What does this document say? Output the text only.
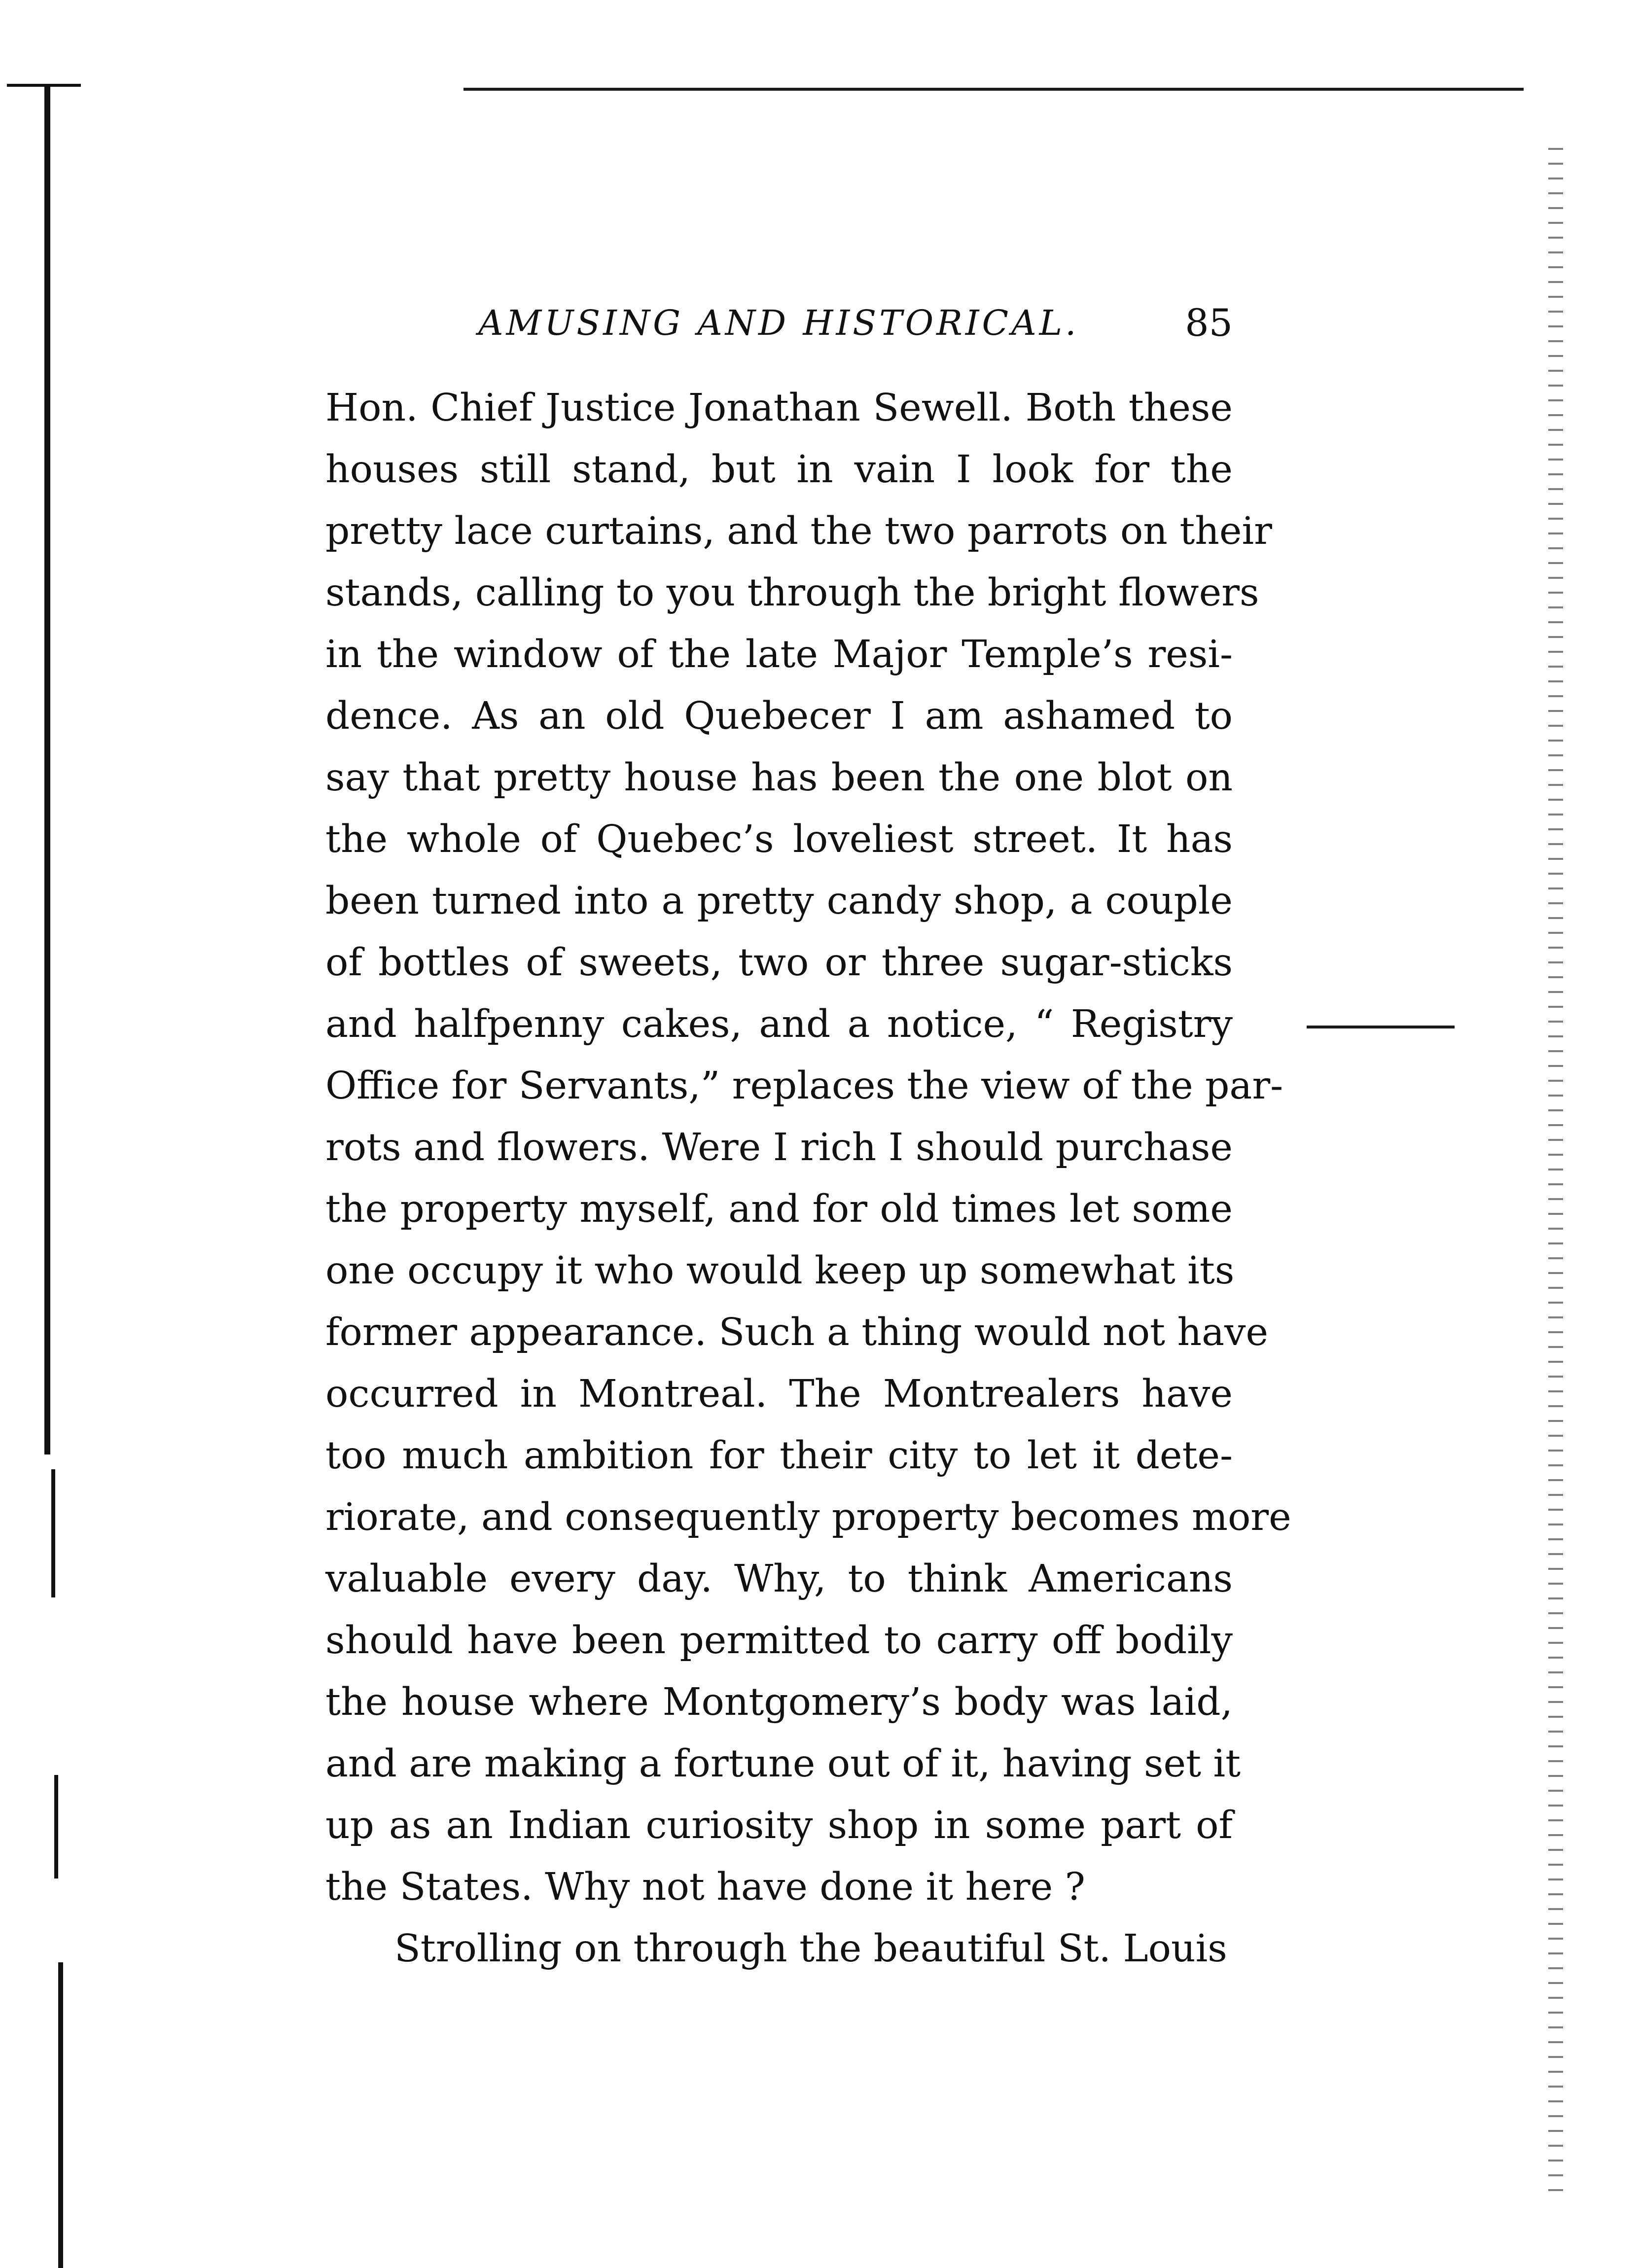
AMUSING AND HISTORICAL.	85
Hon. Chief Justice Jonathan Sewell. Both these
houses still stand, but in vain I look for the
pretty lace curtains, and the two parrots on their
stands, calling to you through the bright flowers
in the window of the late Major Temple’s resi-
dence. As an old Quebecer I am ashamed to
say that pretty house has been the one blot on
the whole of Quebec’s loveliest street. It has
been turned into a pretty candy shop, a couple
of bottles of sweets, two or three sugar-sticks
and halfpenny cakes, and a notice, “ Registry
Office for Servants,” replaces the view of the par-
rots and flowers. Were I rich I should purchase
the property myself, and for old times let some
one occupy it who would keep up somewhat its
former appearance. Such a thing would not have
occurred in Montreal. The Montrealers have
too much ambition for their city to let it dete-
riorate, and consequently property becomes more
valuable every day. Why, to think Americans
should have been permitted to carry off bodily
the house where Montgomery’s body was laid,
and are making a fortune out of it, having set it
up as an Indian curiosity shop in some part of
the States. Why not have done it here ?
Strolling on through the beautiful St. Louis
